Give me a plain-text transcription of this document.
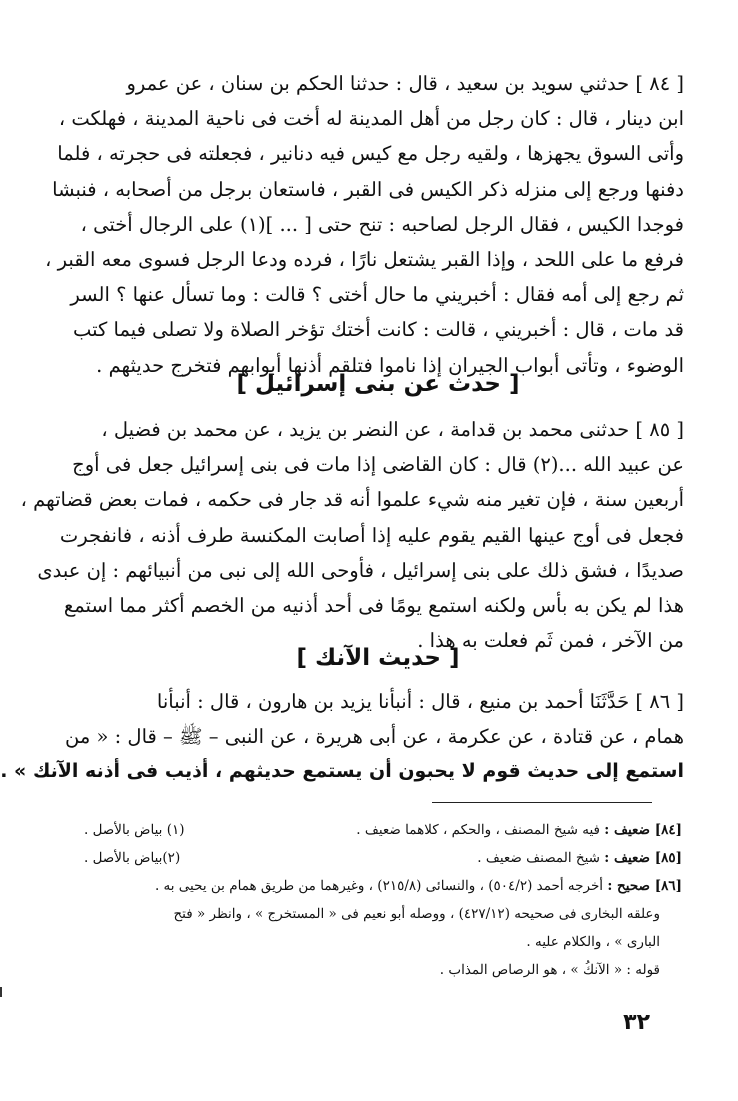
[ ٨٤ ] حدثني سويد بن سعيد ، قال : حدثنا الحكم بن سنان ، عن عمرو
ابن دينار ، قال : كان رجل من أهل المدينة له أخت فى ناحية المدينة ، فهلكت ،
وأتى السوق يجهزها ، ولقيه رجل مع كيس فيه دنانير ، فجعلته فى حجرته ، فلما
دفنها ورجع إلى منزله ذكر الكيس فى القبر ، فاستعان برجل من أصحابه ، فنبشا
فوجدا الكيس ، فقال الرجل لصاحبه : تنح حتى [ ... ](١) على الرجال أختى ،
فرفع ما على اللحد ، وإذا القبر يشتعل نارًا ، فرده ودعا الرجل فسوى معه القبر ،
ثم رجع إلى أمه فقال : أخبريني ما حال أختى ؟ قالت : وما تسأل عنها ؟ السر
قد مات ، قال : أخبريني ، قالت : كانت أختك تؤخر الصلاة ولا تصلى فيما كتب
الوضوء ، وتأتى أبواب الجيران إذا ناموا فتلقم أذنها أبوابهم فتخرج حديثهم .
[ حدث عن بنى إسرائيل ]
[ ٨٥ ] حدثنى محمد بن قدامة ، عن النضر بن يزيد ، عن محمد بن فضيل ،
عن عبيد الله ...(٢) قال : كان القاضى إذا مات فى بنى إسرائيل جعل فى أوج
أربعين سنة ، فإن تغير منه شيء علموا أنه قد جار فى حكمه ، فمات بعض قضاتهم ،
فجعل فى أوج عينها القيم يقوم عليه إذا أصابت المكنسة طرف أذنه ، فانفجرت
صديدًا ، فشق ذلك على بنى إسرائيل ، فأوحى الله إلى نبى من أنبيائهم : إن عبدى
هذا لم يكن به بأس ولكنه استمع يومًا فى أحد أذنيه من الخصم أكثر مما استمع
من الآخر ، فمن ثَم فعلت به هذا .
[ حديث الآنك ]
[ ٨٦ ] حَدَّثَنَا أحمد بن منيع ، قال : أنبأنا يزيد بن هارون ، قال : أنبأنا
همام ، عن قتادة ، عن عكرمة ، عن أبى هريرة ، عن النبى – ﷺ – قال : « من
استمع إلى حديث قوم لا يحبون أن يستمع حديثهم ، أذيب فى أذنه الآنك » .
[٨٤] ضعيف : فيه شيخ المصنف ، والحكم ، كلاهما ضعيف .
(١) بياض بالأصل .
[٨٥] ضعيف : شيخ المصنف ضعيف .
(٢)بياض بالأصل .
[٨٦] صحيح : أخرجه أحمد (٥٠٤/٢) ، والنسائى (٢١٥/٨) ، وغيرهما من طريق همام بن يحيى به .
وعلقه البخارى فى صحيحه (٤٢٧/١٢) ، ووصله أبو نعيم فى « المستخرج » ، وانظر « فتح
البارى » ، والكلام عليه .
قوله : « الآنكُ » ، هو الرصاص المذاب .
٣٢
